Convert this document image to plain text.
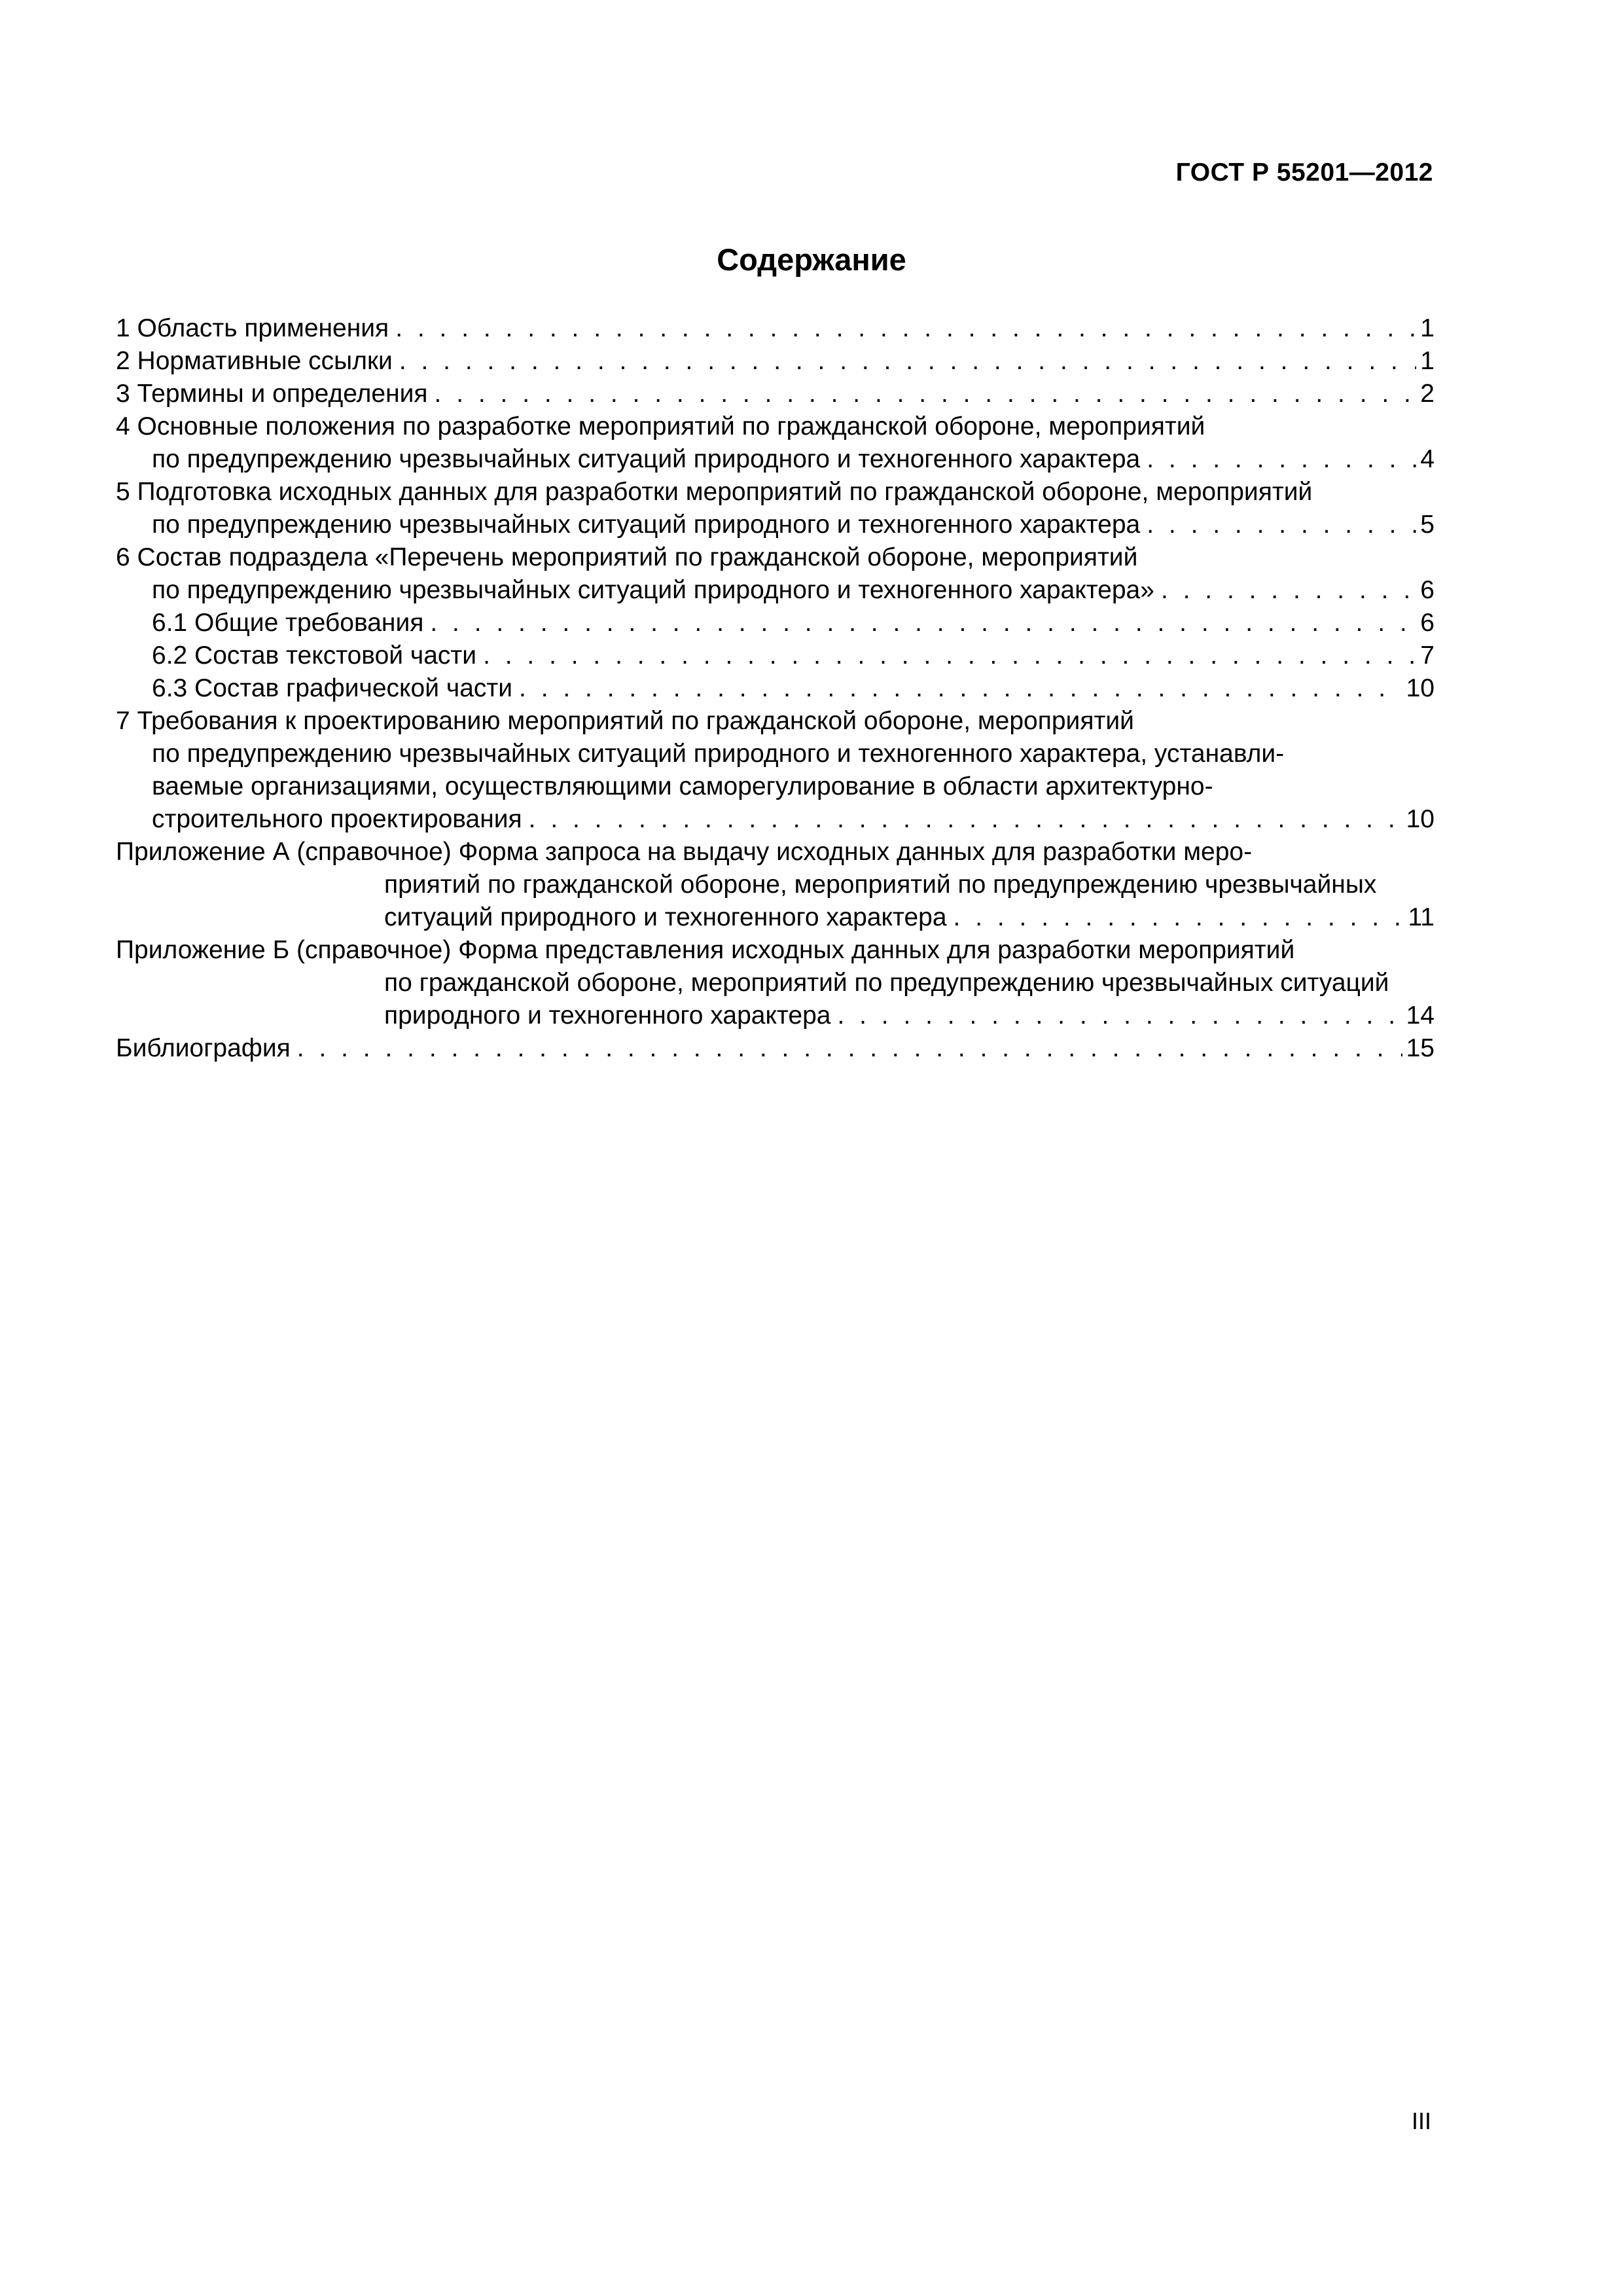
ГОСТ Р 55201—2012
Содержание
1 Область применения . . .	1
2 Нормативные ссылки . . .	1
3 Термины и определения . . .	2
4 Основные положения по разработке мероприятий по гражданской обороне, мероприятий
по предупреждению чрезвычайных ситуаций природного и техногенного характера . . .	4
5 Подготовка исходных данных для разработки мероприятий по гражданской обороне, мероприятий
по предупреждению чрезвычайных ситуаций природного и техногенного характера . . .	5
6 Состав подраздела «Перечень мероприятий по гражданской обороне, мероприятий
по предупреждению чрезвычайных ситуаций природного и техногенного характера» . . .	6
6.1 Общие требования . . .	6
6.2 Состав текстовой части . . .	7
6.3 Состав графической части . . .	10
7 Требования к проектированию мероприятий по гражданской обороне, мероприятий
по предупреждению чрезвычайных ситуаций природного и техногенного характера, устанавли-
ваемые организациями, осуществляющими саморегулирование в области архитектурно-
строительного проектирования . . .	10
Приложение А (справочное) Форма запроса на выдачу исходных данных для разработки меро-
приятий по гражданской обороне, мероприятий по предупреждению чрезвычайных
ситуаций природного и техногенного характера . . .	11
Приложение Б (справочное) Форма представления исходных данных для разработки мероприятий
по гражданской обороне, мероприятий по предупреждению чрезвычайных ситуаций
природного и техногенного характера . . .	14
Библиография . . .	15
III
